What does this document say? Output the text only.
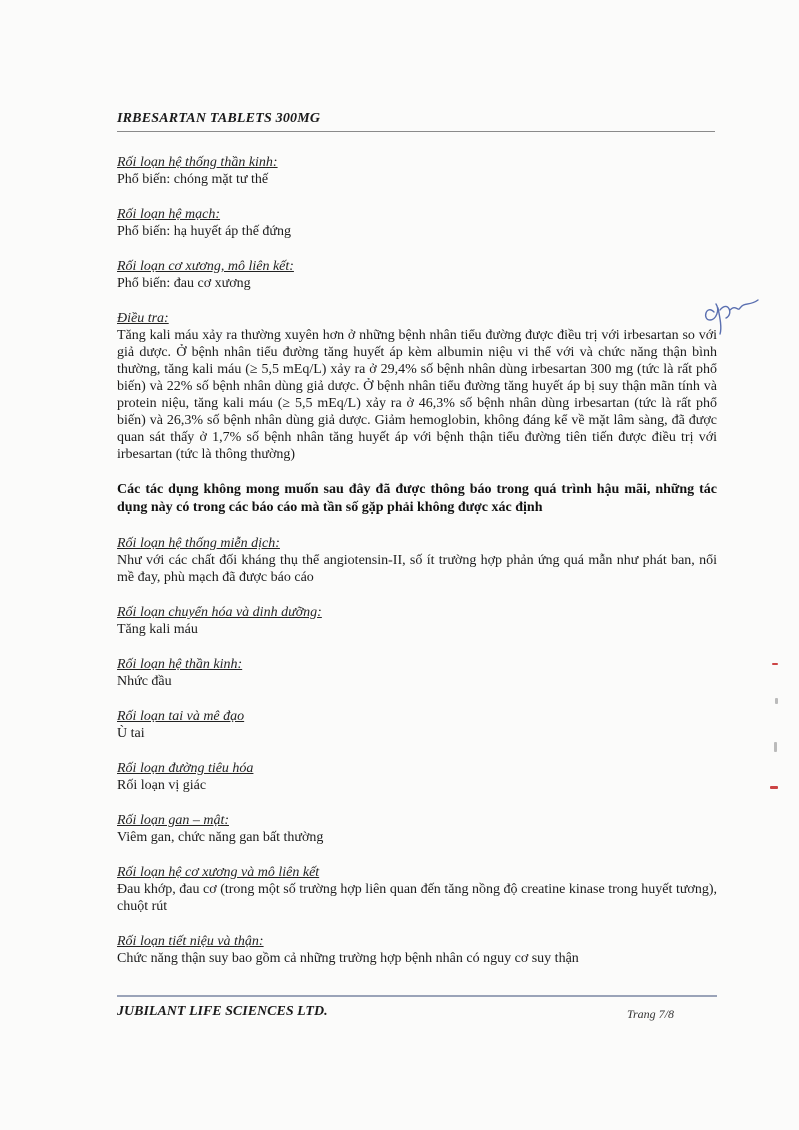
IRBESARTAN TABLETS 300MG
Rối loạn hệ thống thần kinh:
Phổ biến: chóng mặt tư thế
Rối loạn hệ mạch:
Phổ biến: hạ huyết áp thế đứng
Rối loạn cơ xương, mô liên kết:
Phổ biến: đau cơ xương
Điều tra:
Tăng kali máu xảy ra thường xuyên hơn ở những bệnh nhân tiểu đường được điều trị với irbesartan so với giả dược. Ở bệnh nhân tiểu đường tăng huyết áp kèm albumin niệu vi thể với và chức năng thận bình thường, tăng kali máu (≥ 5,5 mEq/L) xảy ra ở 29,4% số bệnh nhân dùng irbesartan 300 mg (tức là rất phổ biến) và 22% số bệnh nhân dùng giả dược. Ở bệnh nhân tiểu đường tăng huyết áp bị suy thận mãn tính và protein niệu, tăng kali máu (≥ 5,5 mEq/L) xảy ra ở 46,3% số bệnh nhân dùng irbesartan (tức là rất phổ biến) và 26,3% số bệnh nhân dùng giả dược. Giảm hemoglobin, không đáng kể về mặt lâm sàng, đã được quan sát thấy ở 1,7% số bệnh nhân tăng huyết áp với bệnh thận tiểu đường tiên tiến được điều trị với irbesartan (tức là thông thường)
Các tác dụng không mong muốn sau đây đã được thông báo trong quá trình hậu mãi, những tác dụng này có trong các báo cáo mà tần số gặp phải không được xác định
Rối loạn hệ thống miễn dịch:
Như với các chất đối kháng thụ thể angiotensin-II, số ít trường hợp phản ứng quá mẫn như phát ban, nổi mề đay, phù mạch đã được báo cáo
Rối loạn chuyển hóa và dinh dưỡng:
Tăng kali máu
Rối loạn hệ thần kinh:
Nhức đầu
Rối loạn tai và mê đạo
Ù tai
Rối loạn đường tiêu hóa
Rối loạn vị giác
Rối loạn gan – mật:
Viêm gan, chức năng gan bất thường
Rối loạn hệ cơ xương và mô liên kết
Đau khớp, đau cơ (trong một số trường hợp liên quan đến tăng nồng độ creatine kinase trong huyết tương), chuột rút
Rối loạn tiết niệu và thận:
Chức năng thận suy bao gồm cả những trường hợp bệnh nhân có nguy cơ suy thận
JUBILANT LIFE SCIENCES LTD.	Trang 7/8
